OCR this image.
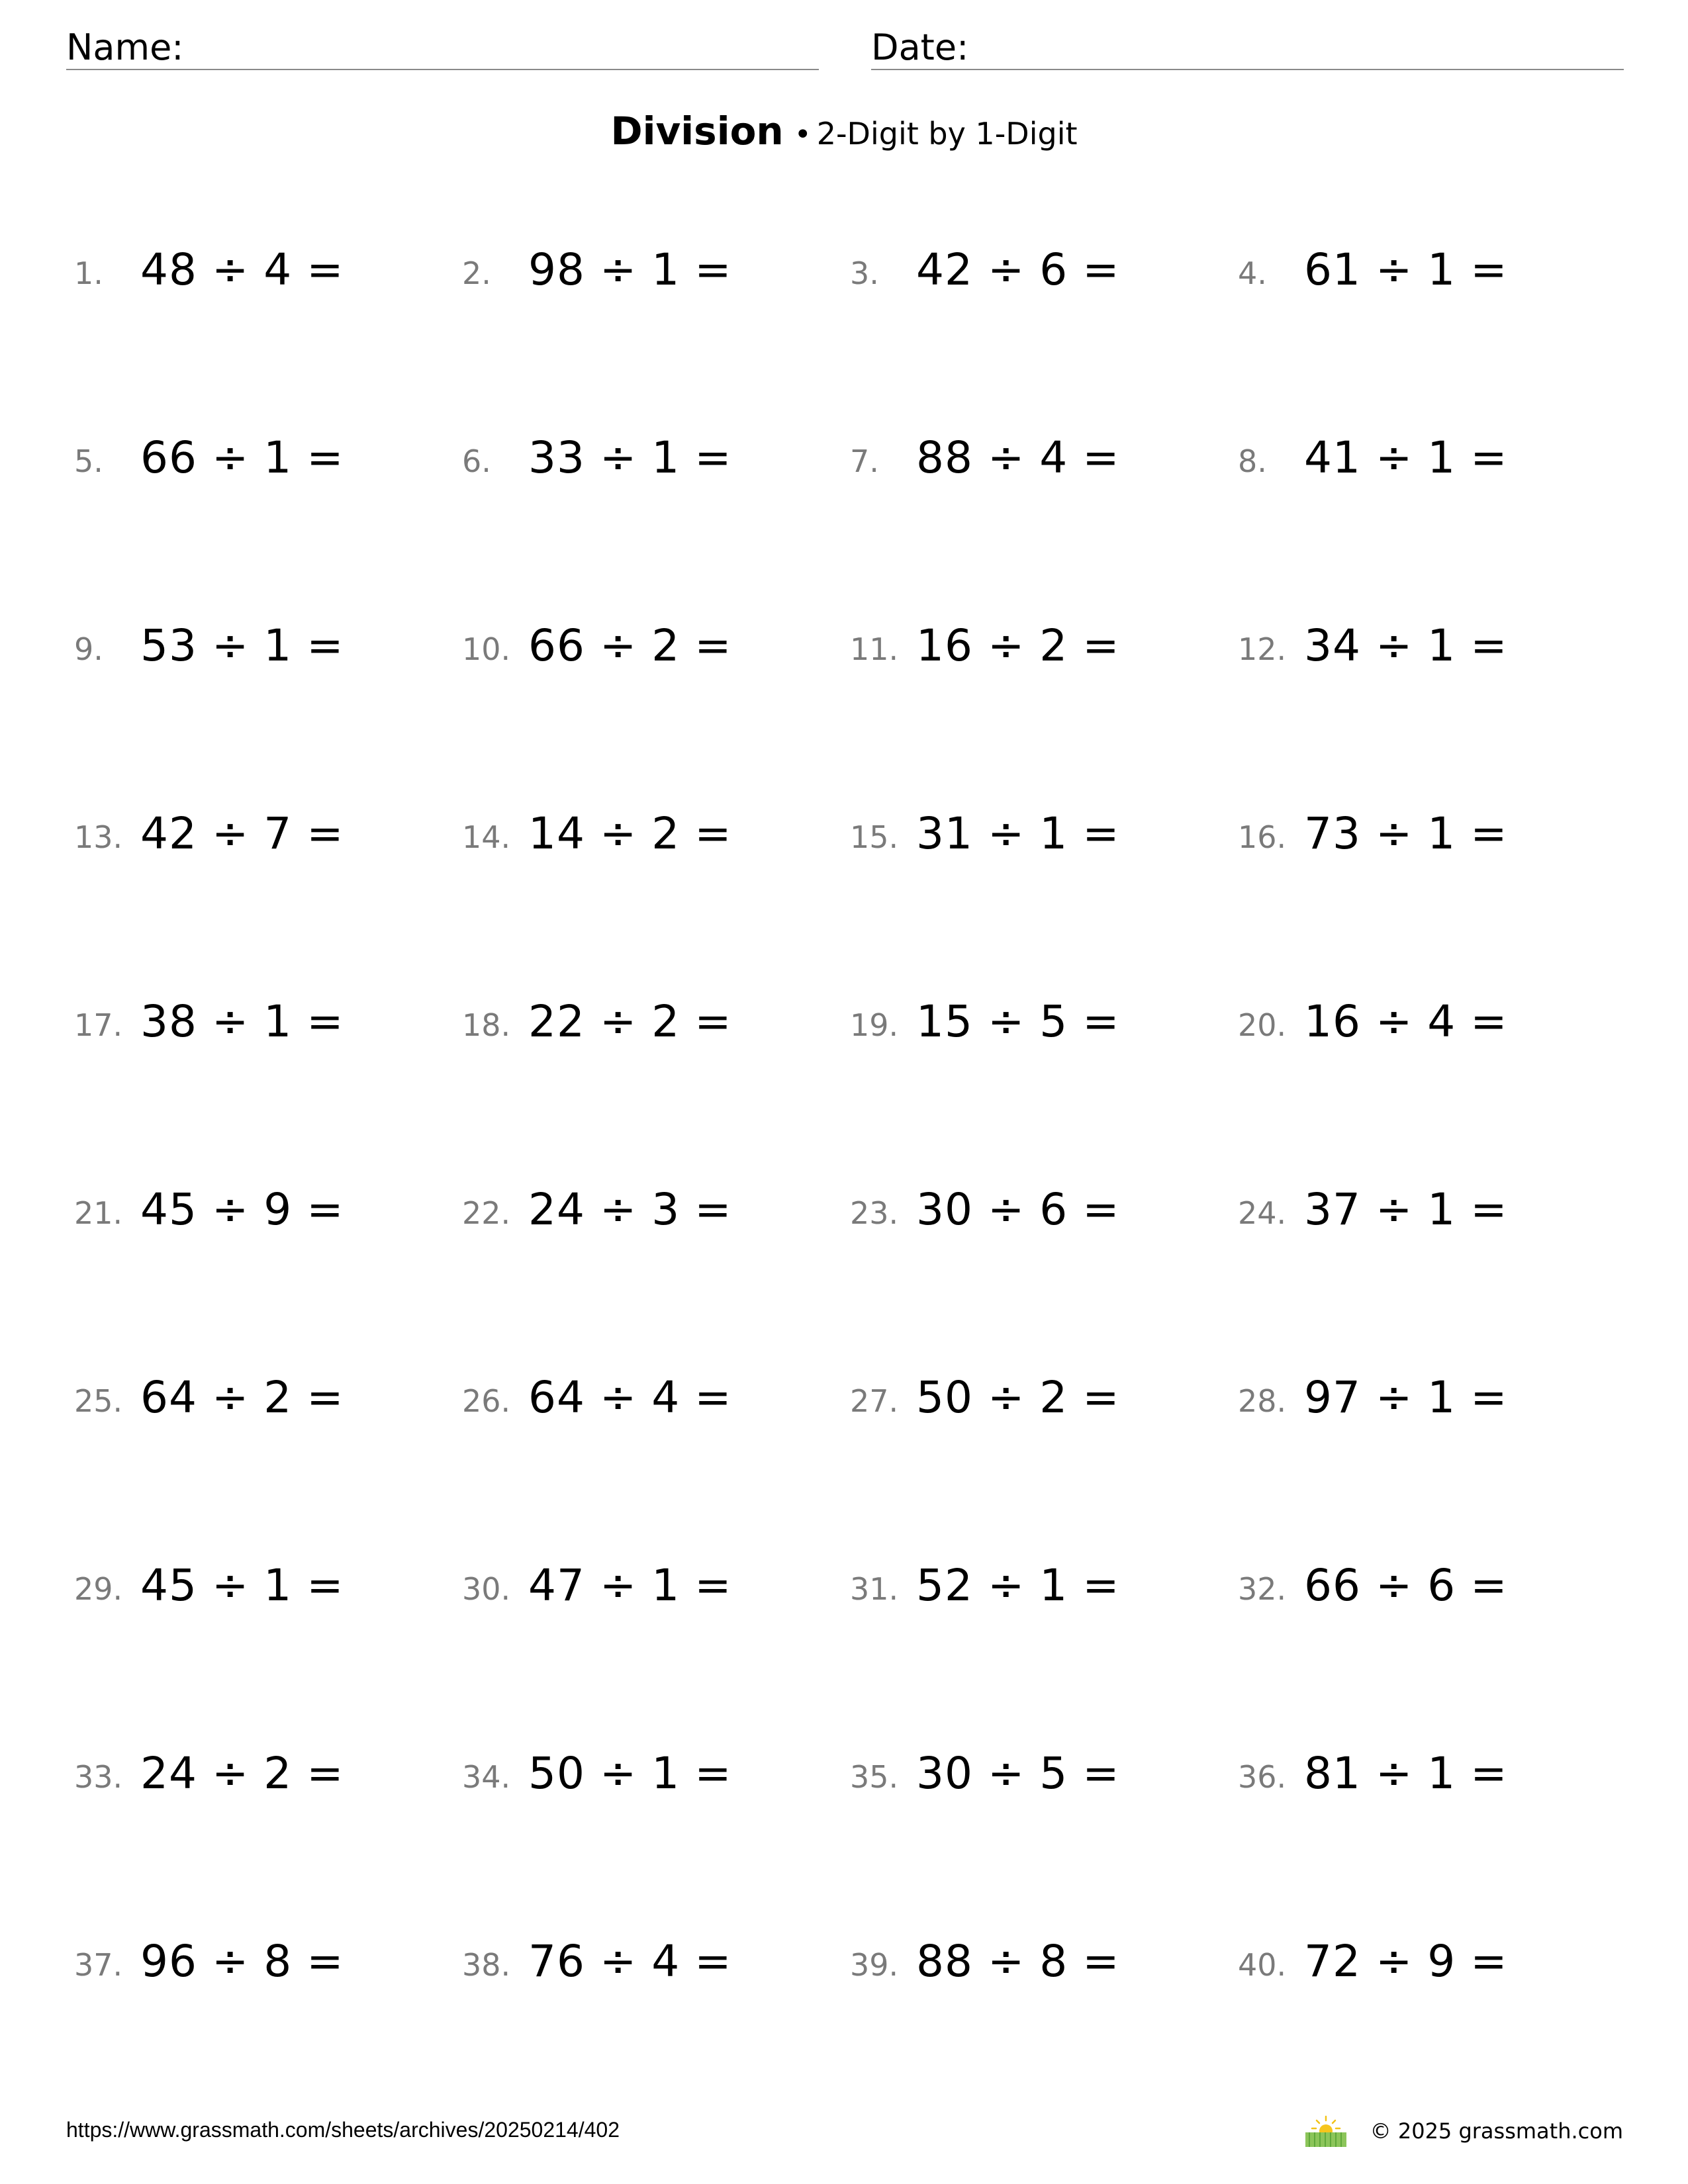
Name:	Date:
Division • 2-Digit by 1-Digit
1. 48 ÷ 4 =	2. 98 ÷ 1 =	3. 42 ÷ 6 =	4. 61 ÷ 1 =
5. 66 ÷ 1 =	6. 33 ÷ 1 =	7. 88 ÷ 4 =	8. 41 ÷ 1 =
9. 53 ÷ 1 =	10. 66 ÷ 2 =	11. 16 ÷ 2 =	12. 34 ÷ 1 =
13. 42 ÷ 7 =	14. 14 ÷ 2 =	15. 31 ÷ 1 =	16. 73 ÷ 1 =
17. 38 ÷ 1 =	18. 22 ÷ 2 =	19. 15 ÷ 5 =	20. 16 ÷ 4 =
21. 45 ÷ 9 =	22. 24 ÷ 3 =	23. 30 ÷ 6 =	24. 37 ÷ 1 =
25. 64 ÷ 2 =	26. 64 ÷ 4 =	27. 50 ÷ 2 =	28. 97 ÷ 1 =
29. 45 ÷ 1 =	30. 47 ÷ 1 =	31. 52 ÷ 1 =	32. 66 ÷ 6 =
33. 24 ÷ 2 =	34. 50 ÷ 1 =	35. 30 ÷ 5 =	36. 81 ÷ 1 =
37. 96 ÷ 8 =	38. 76 ÷ 4 =	39. 88 ÷ 8 =	40. 72 ÷ 9 =
https://www.grassmath.com/sheets/archives/20250214/402	© 2025 grassmath.com
